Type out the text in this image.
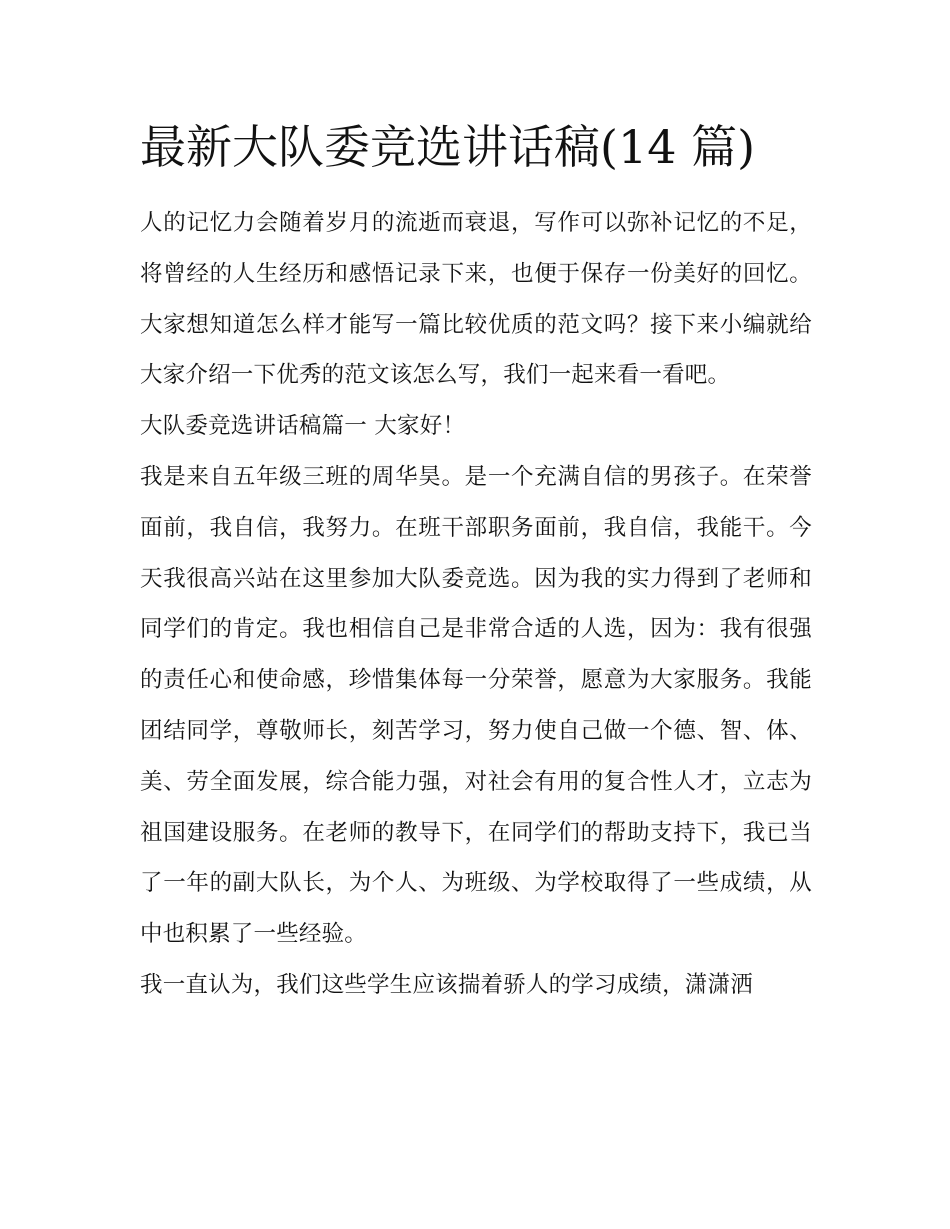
最新大队委竞选讲话稿(14 篇)

人的记忆力会随着岁月的流逝而衰退，写作可以弥补记忆的不足，将曾经的人生经历和感悟记录下来，也便于保存一份美好的回忆。大家想知道怎么样才能写一篇比较优质的范文吗？接下来小编就给大家介绍一下优秀的范文该怎么写，我们一起来看一看吧。

大队委竞选讲话稿篇一 大家好！

我是来自五年级三班的周华昊。是一个充满自信的男孩子。在荣誉面前，我自信，我努力。在班干部职务面前，我自信，我能干。今天我很高兴站在这里参加大队委竞选。因为我的实力得到了老师和同学们的肯定。我也相信自己是非常合适的人选，因为：我有很强的责任心和使命感，珍惜集体每一分荣誉，愿意为大家服务。我能团结同学，尊敬师长，刻苦学习，努力使自己做一个德、智、体、美、劳全面发展，综合能力强，对社会有用的复合性人才，立志为祖国建设服务。在老师的教导下，在同学们的帮助支持下，我已当了一年的副大队长，为个人、为班级、为学校取得了一些成绩，从中也积累了一些经验。

我一直认为，我们这些学生应该揣着骄人的学习成绩，潇潇洒
